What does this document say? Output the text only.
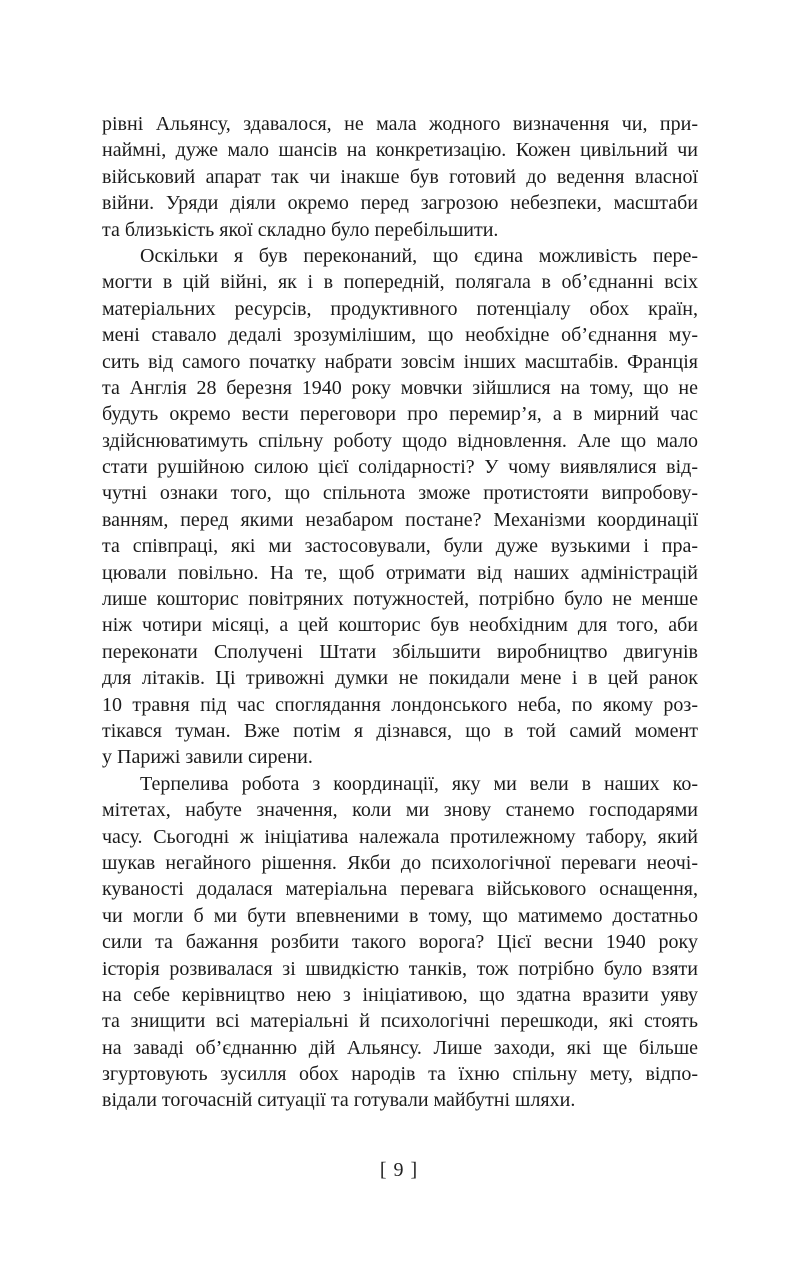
рівні Альянсу, здавалося, не мала жодного визначення чи, при-
наймні, дуже мало шансів на конкретизацію. Кожен цивільний чи
військовий апарат так чи інакше був готовий до ведення власної
війни. Уряди діяли окремо перед загрозою небезпеки, масштаби
та близькість якої складно було перебільшити.
Оскільки я був переконаний, що єдина можливість пере-
могти в цій війні, як і в попередній, полягала в об’єднанні всіх
матеріальних ресурсів, продуктивного потенціалу обох країн,
мені ставало дедалі зрозумілішим, що необхідне об’єднання му-
сить від самого початку набрати зовсім інших масштабів. Франція
та Англія 28 березня 1940 року мовчки зійшлися на тому, що не
будуть окремо вести переговори про перемир’я, а в мирний час
здійснюватимуть спільну роботу щодо відновлення. Але що мало
стати рушійною силою цієї солідарності? У чому виявлялися від-
чутні ознаки того, що спільнота зможе протистояти випробову-
ванням, перед якими незабаром постане? Механізми координації
та співпраці, які ми застосовували, були дуже вузькими і пра-
цювали повільно. На те, щоб отримати від наших адміністрацій
лише кошторис повітряних потужностей, потрібно було не менше
ніж чотири місяці, а цей кошторис був необхідним для того, аби
переконати Сполучені Штати збільшити виробництво двигунів
для літаків. Ці тривожні думки не покидали мене і в цей ранок
10 травня під час споглядання лондонського неба, по якому роз-
тікався туман. Вже потім я дізнався, що в той самий момент
у Парижі завили сирени.
Терпелива робота з координації, яку ми вели в наших ко-
мітетах, набуте значення, коли ми знову станемо господарями
часу. Сьогодні ж ініціатива належала протилежному табору, який
шукав негайного рішення. Якби до психологічної переваги неочі-
куваності додалася матеріальна перевага військового оснащення,
чи могли б ми бути впевненими в тому, що матимемо достатньо
сили та бажання розбити такого ворога? Цієї весни 1940 року
історія розвивалася зі швидкістю танків, тож потрібно було взяти
на себе керівництво нею з ініціативою, що здатна вразити уяву
та знищити всі матеріальні й психологічні перешкоди, які стоять
на заваді об’єднанню дій Альянсу. Лише заходи, які ще більше
згуртовують зусилля обох народів та їхню спільну мету, відпо-
відали тогочасній ситуації та готували майбутні шляхи.
[ 9 ]
